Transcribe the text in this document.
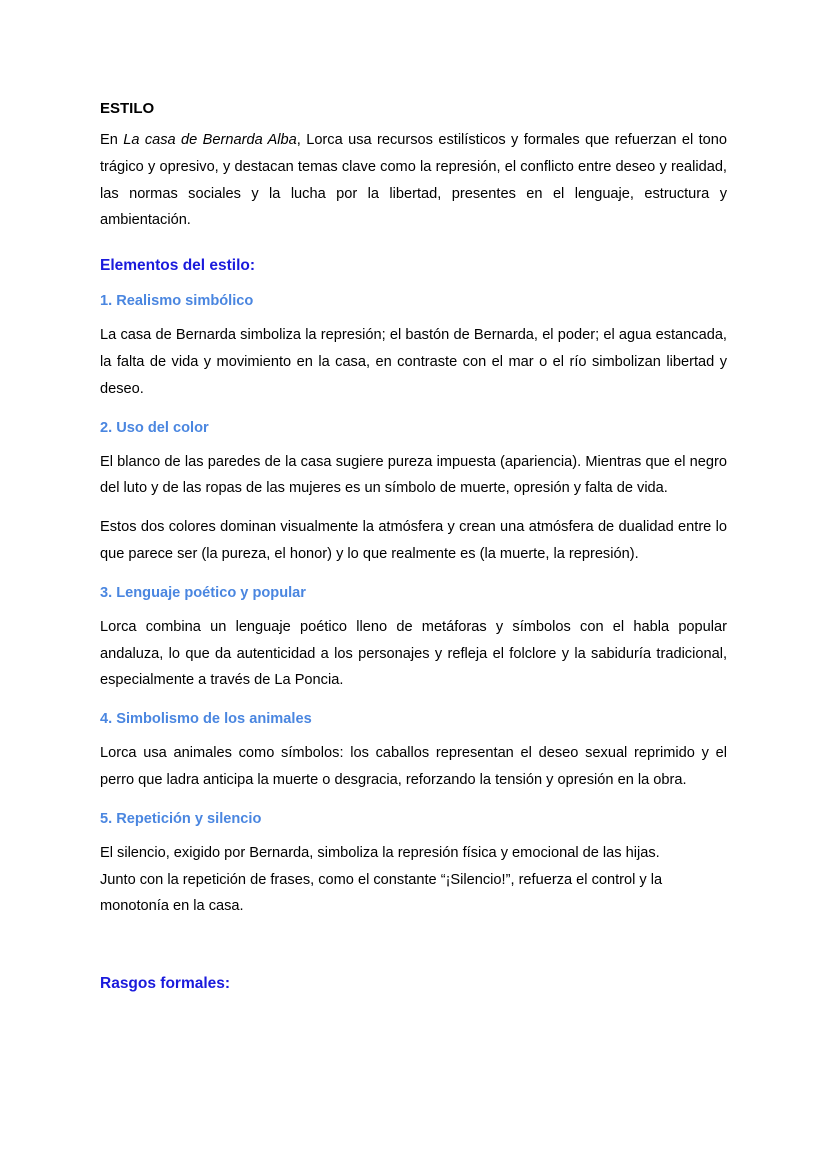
ESTILO

En La casa de Bernarda Alba, Lorca usa recursos estilísticos y formales que refuerzan el tono trágico y opresivo, y destacan temas clave como la represión, el conflicto entre deseo y realidad, las normas sociales y la lucha por la libertad, presentes en el lenguaje, estructura y ambientación.

Elementos del estilo:
1. Realismo simbólico

La casa de Bernarda simboliza la represión; el bastón de Bernarda, el poder; el agua estancada, la falta de vida y movimiento en la casa, en contraste con el mar o el río simbolizan libertad y deseo.

2. Uso del color

El blanco de las paredes de la casa sugiere pureza impuesta (apariencia). Mientras que el negro del luto y de las ropas de las mujeres es un símbolo de muerte, opresión y falta de vida.

Estos dos colores dominan visualmente la atmósfera y crean una atmósfera de dualidad entre lo que parece ser (la pureza, el honor) y lo que realmente es (la muerte, la represión).

3. Lenguaje poético y popular

Lorca combina un lenguaje poético lleno de metáforas y símbolos con el habla popular andaluza, lo que da autenticidad a los personajes y refleja el folclore y la sabiduría tradicional, especialmente a través de La Poncia.

4. Simbolismo de los animales

Lorca usa animales como símbolos: los caballos representan el deseo sexual reprimido y el perro que ladra anticipa la muerte o desgracia, reforzando la tensión y opresión en la obra.

5. Repetición y silencio

El silencio, exigido por Bernarda, simboliza la represión física y emocional de las hijas.
Junto con la repetición de frases, como el constante “¡Silencio!”, refuerza el control y la
monotonía en la casa.

Rasgos formales:
